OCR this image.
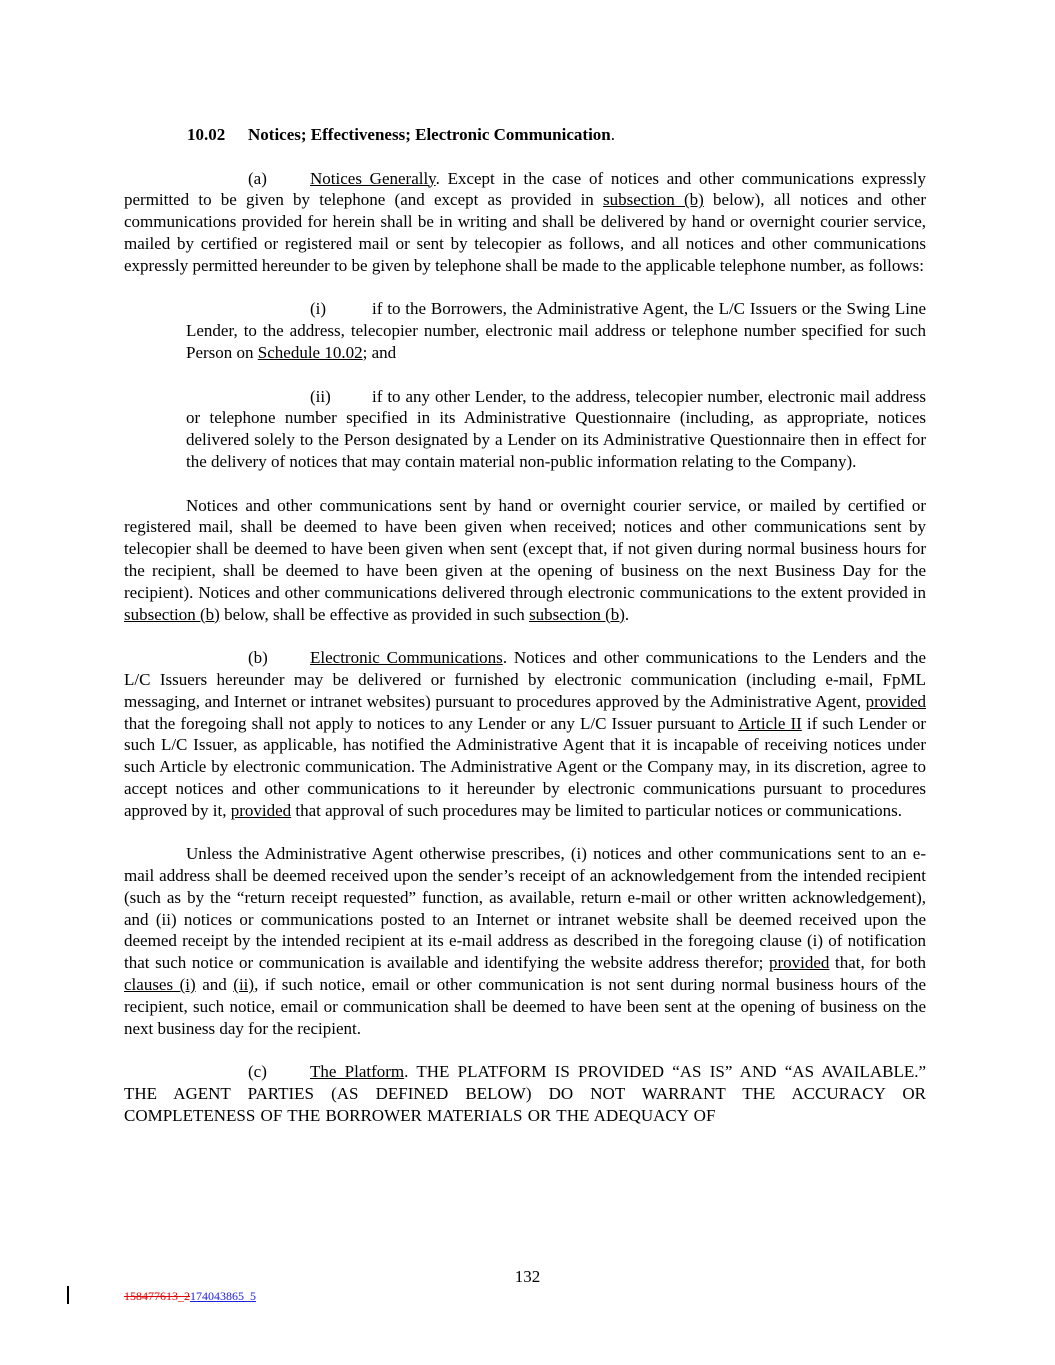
10.02 Notices; Effectiveness; Electronic Communication.

(a)	Notices Generally. Except in the case of notices and other communications expressly permitted to be given by telephone (and except as provided in subsection (b) below), all notices and other communications provided for herein shall be in writing and shall be delivered by hand or overnight courier service, mailed by certified or registered mail or sent by telecopier as follows, and all notices and other communications expressly permitted hereunder to be given by telephone shall be made to the applicable telephone number, as follows:

(i)	if to the Borrowers, the Administrative Agent, the L/C Issuers or the Swing Line Lender, to the address, telecopier number, electronic mail address or telephone number specified for such Person on Schedule 10.02; and

(ii) if to any other Lender, to the address, telecopier number, electronic mail address or telephone number specified in its Administrative Questionnaire (including, as appropriate, notices delivered solely to the Person designated by a Lender on its Administrative Questionnaire then in effect for the delivery of notices that may contain material non-public information relating to the Company).

Notices and other communications sent by hand or overnight courier service, or mailed by certified or registered mail, shall be deemed to have been given when received; notices and other communications sent by telecopier shall be deemed to have been given when sent (except that, if not given during normal business hours for the recipient, shall be deemed to have been given at the opening of business on the next Business Day for the recipient). Notices and other communications delivered through electronic communications to the extent provided in subsection (b) below, shall be effective as provided in such subsection (b).

(b) Electronic Communications. Notices and other communications to the Lenders and the L/C Issuers hereunder may be delivered or furnished by electronic communication (including e-mail, FpML messaging, and Internet or intranet websites) pursuant to procedures approved by the Administrative Agent, provided that the foregoing shall not apply to notices to any Lender or any L/C Issuer pursuant to Article II if such Lender or such L/C Issuer, as applicable, has notified the Administrative Agent that it is incapable of receiving notices under such Article by electronic communication. The Administrative Agent or the Company may, in its discretion, agree to accept notices and other communications to it hereunder by electronic communications pursuant to procedures approved by it, provided that approval of such procedures may be limited to particular notices or communications.

Unless the Administrative Agent otherwise prescribes, (i) notices and other communications sent to an e-mail address shall be deemed received upon the sender’s receipt of an acknowledgement from the intended recipient (such as by the “return receipt requested” function, as available, return e-mail or other written acknowledgement), and (ii) notices or communications posted to an Internet or intranet website shall be deemed received upon the deemed receipt by the intended recipient at its e-mail address as described in the foregoing clause (i) of notification that such notice or communication is available and identifying the website address therefor; provided that, for both clauses (i) and (ii), if such notice, email or other communication is not sent during normal business hours of the recipient, such notice, email or communication shall be deemed to have been sent at the opening of business on the next business day for the recipient.

(c)	The Platform. THE PLATFORM IS PROVIDED “AS IS” AND “AS AVAILABLE.” THE AGENT PARTIES (AS DEFINED BELOW) DO NOT WARRANT THE ACCURACY OR COMPLETENESS OF THE BORROWER MATERIALS OR THE ADEQUACY OF

132
158477613_2174043865_5
